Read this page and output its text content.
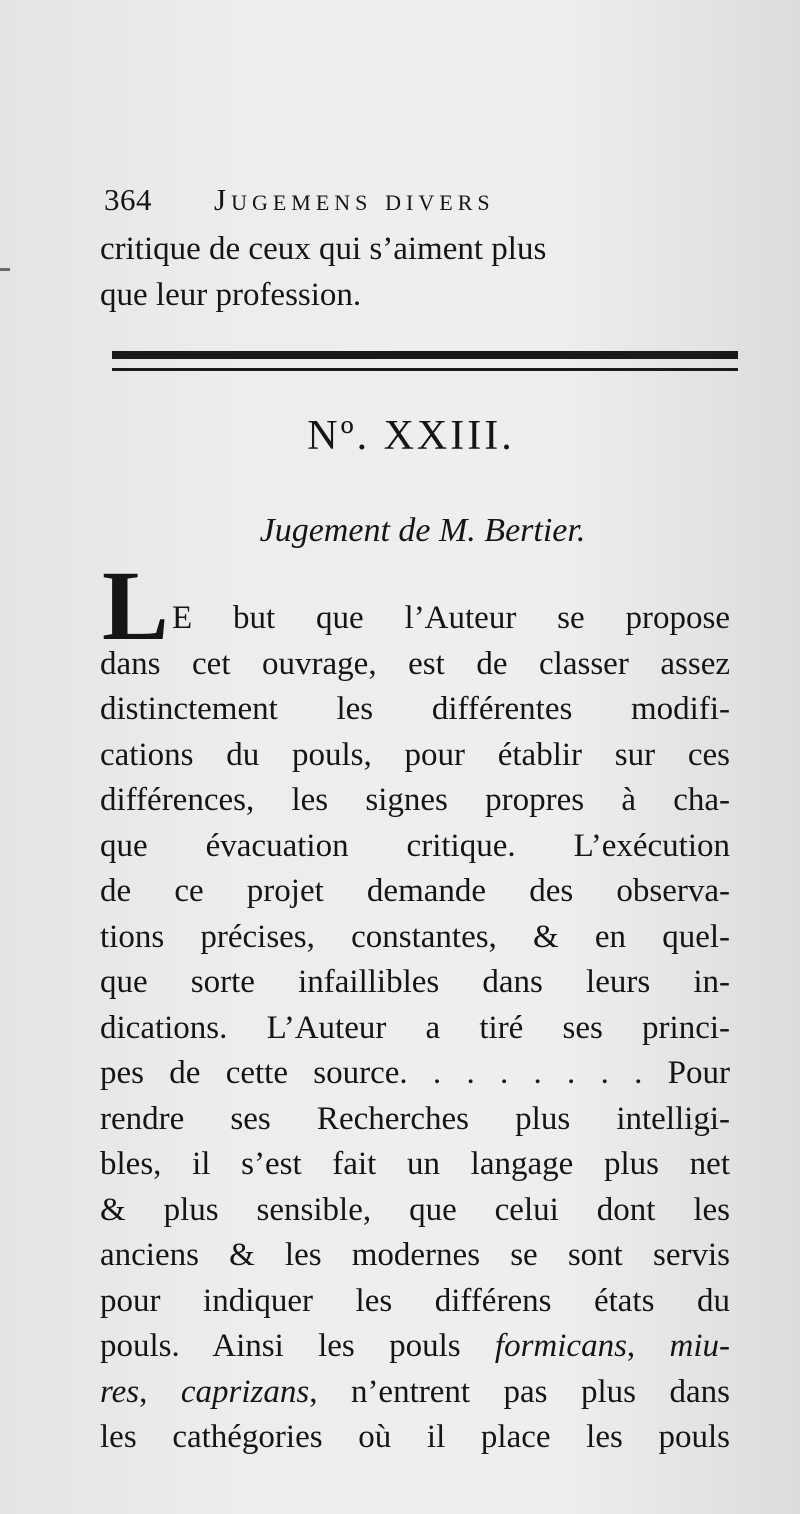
364 Jugemens divers
critique de ceux qui s’aiment plus
que leur profession.
Nº. XXIII.
Jugement de M. Bertier.
L E but que l’Auteur se propose
dans cet ouvrage, est de classer assez
distinctement les différentes modifi-
cations du pouls, pour établir sur ces
différences, les signes propres à cha-
que évacuation critique. L’exécution
de ce projet demande des observa-
tions précises, constantes, & en quel-
que sorte infaillibles dans leurs in-
dications. L’Auteur a tiré ses princi-
pes de cette source. . . . . . . . Pour
rendre ses Recherches plus intelligi-
bles, il s’est fait un langage plus net
& plus sensible, que celui dont les
anciens & les modernes se sont servis
pour indiquer les différens états du
pouls. Ainsi les pouls formicans, miu-
res, caprizans, n’entrent pas plus dans
les cathégories où il place les pouls
